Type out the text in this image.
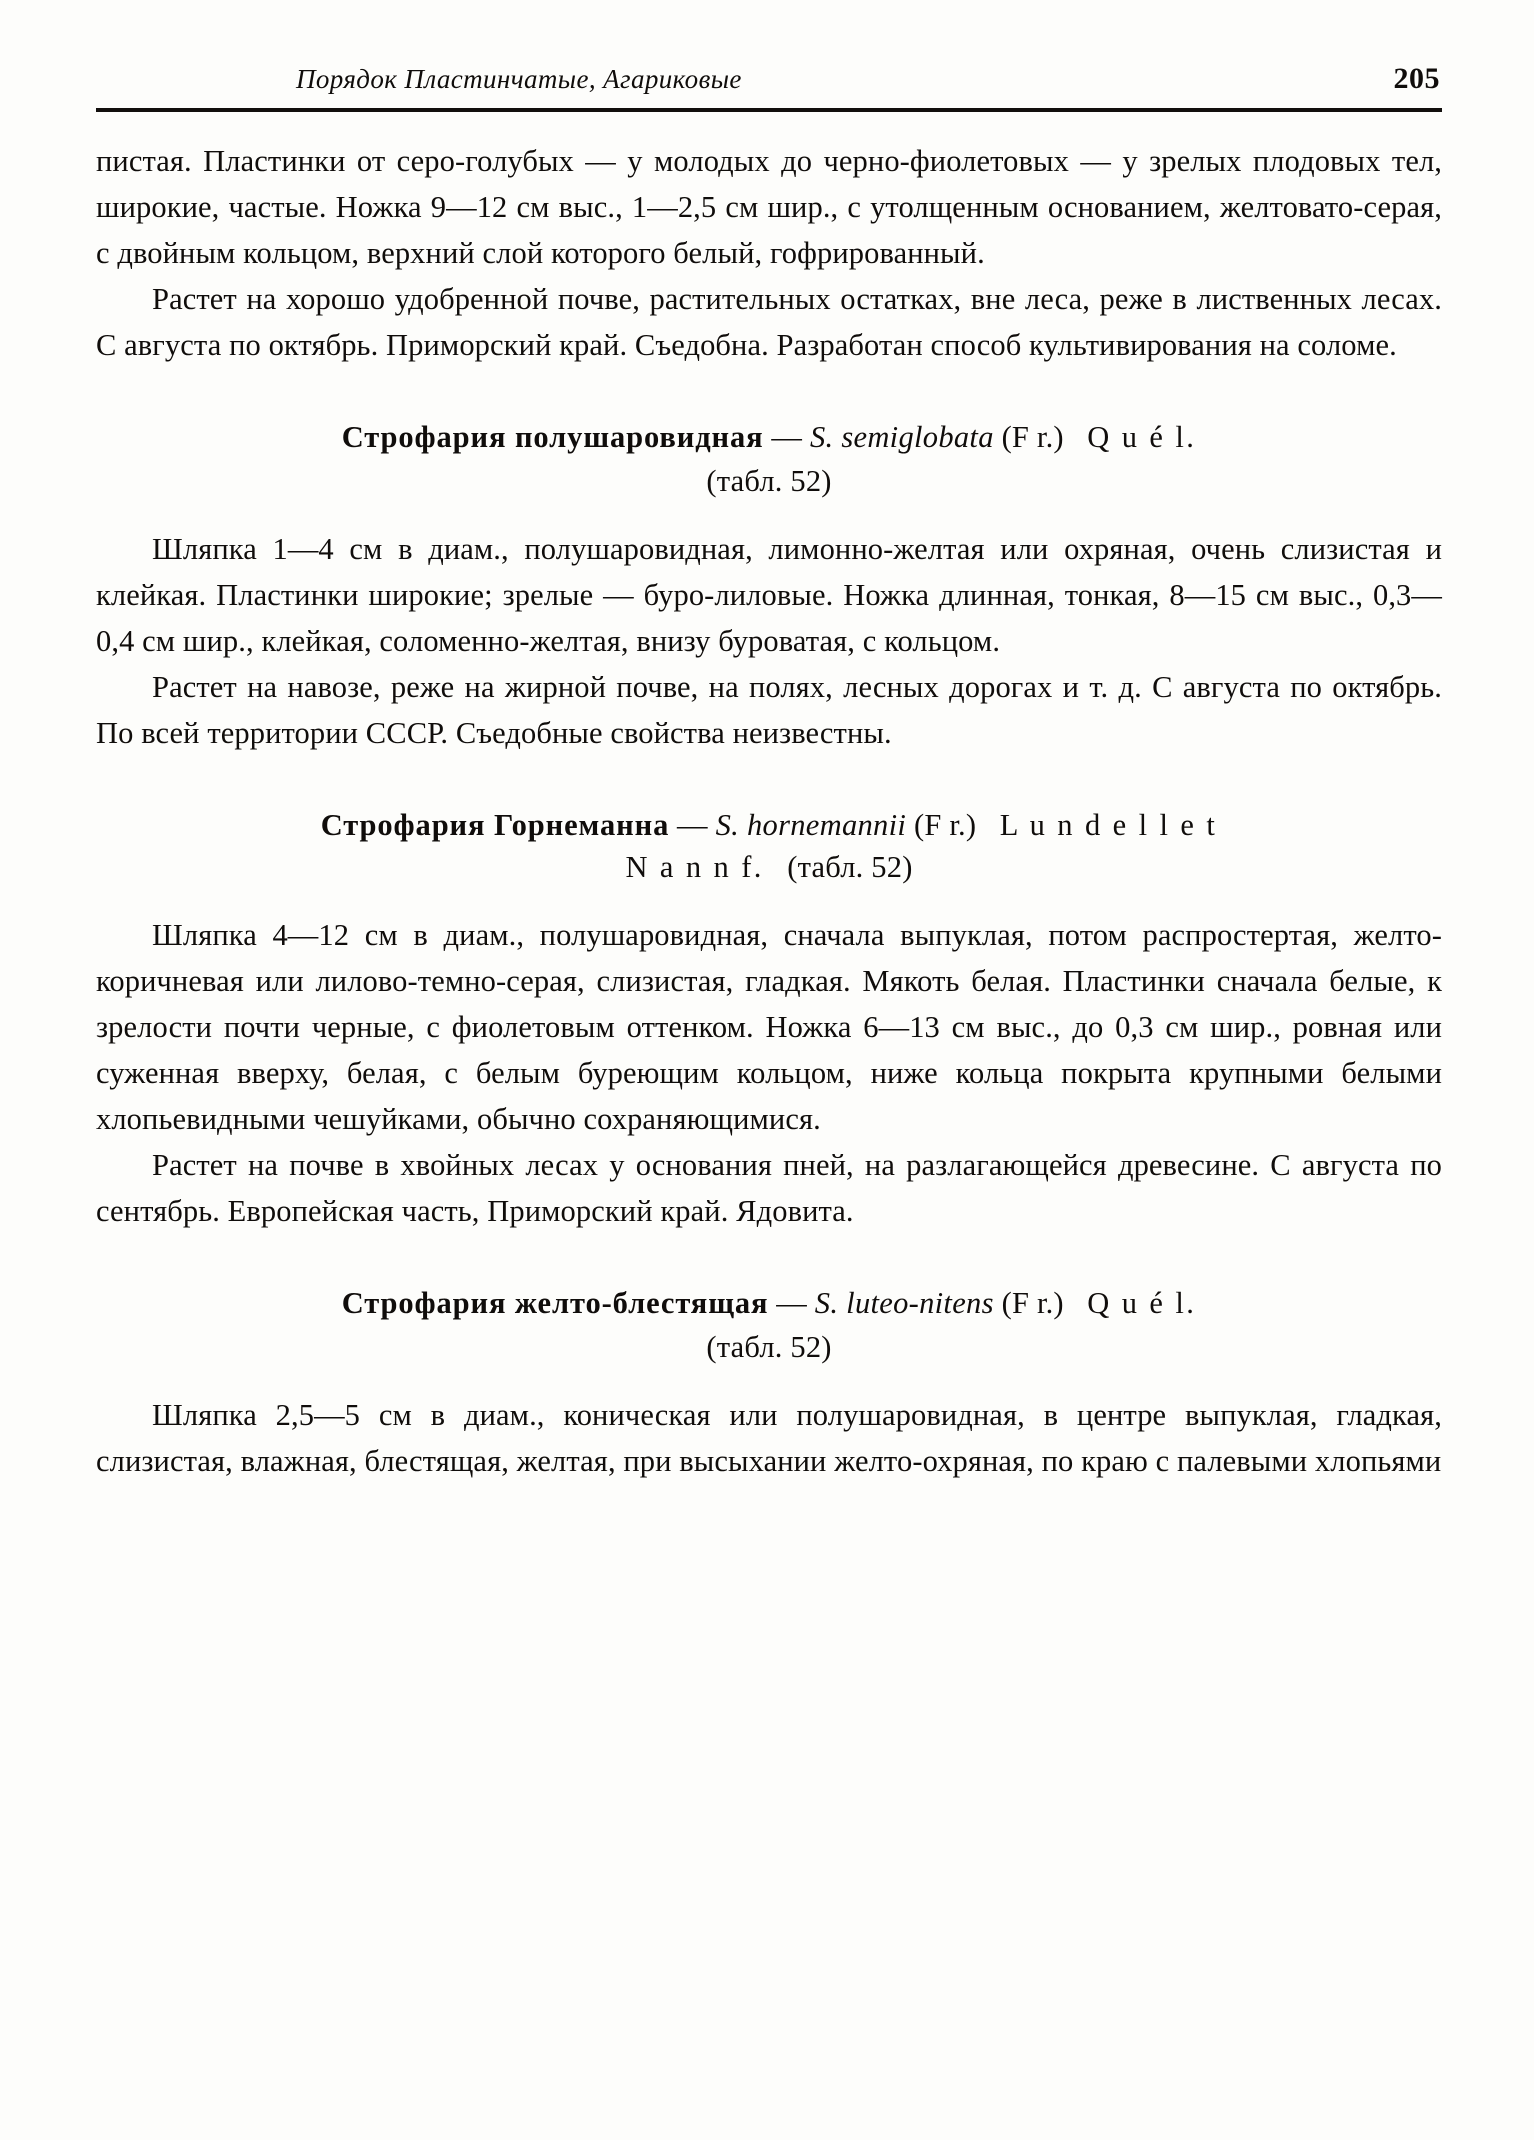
Порядок Пластинчатые, Агариковые	205

пистая. Пластинки от серо-голубых — у молодых до черно-фиолетовых — у зрелых плодовых тел, широкие, частые. Ножка 9—12 см выс., 1—2,5 см шир., с утолщенным основанием, желтовато-серая, с двойным кольцом, верхний слой которого белый, гофрированный.

Растет на хорошо удобренной почве, растительных остатках, вне леса, реже в лиственных лесах. С августа по октябрь. Приморский край. Съедобна. Разработан способ культивирования на соломе.

Строфария полушаровидная — S. semiglobata (F r.) Q u é l.
(табл. 52)

Шляпка 1—4 см в диам., полушаровидная, лимонно-желтая или охряная, очень слизистая и клейкая. Пластинки широкие; зрелые — буро-лиловые. Ножка длинная, тонкая, 8—15 см выс., 0,3—0,4 см шир., клейкая, соломенно-желтая, внизу буроватая, с кольцом.

Растет на навозе, реже на жирной почве, на полях, лесных дорогах и т. д. С августа по октябрь. По всей территории СССР. Съедобные свойства неизвестны.

Строфария Горнеманна — S. hornemannii (F r.) L u n d e l l e t
N a n n f. (табл. 52)

Шляпка 4—12 см в диам., полушаровидная, сначала выпуклая, потом распростертая, желто-коричневая или лилово-темно-серая, слизистая, гладкая. Мякоть белая. Пластинки сначала белые, к зрелости почти черные, с фиолетовым оттенком. Ножка 6—13 см выс., до 0,3 см шир., ровная или суженная вверху, белая, с белым буреющим кольцом, ниже кольца покрыта крупными белыми хлопьевидными чешуйками, обычно сохраняющимися.

Растет на почве в хвойных лесах у основания пней, на разлагающейся древесине. С августа по сентябрь. Европейская часть, Приморский край. Ядовита.

Строфария желто-блестящая — S. luteo-nitens (F r.) Q u é l.
(табл. 52)

Шляпка 2,5—5 см в диам., коническая или полушаровидная, в центре выпуклая, гладкая, слизистая, влажная, блестящая, желтая, при высыхании желто-охряная, по краю с палевыми хлопьями
